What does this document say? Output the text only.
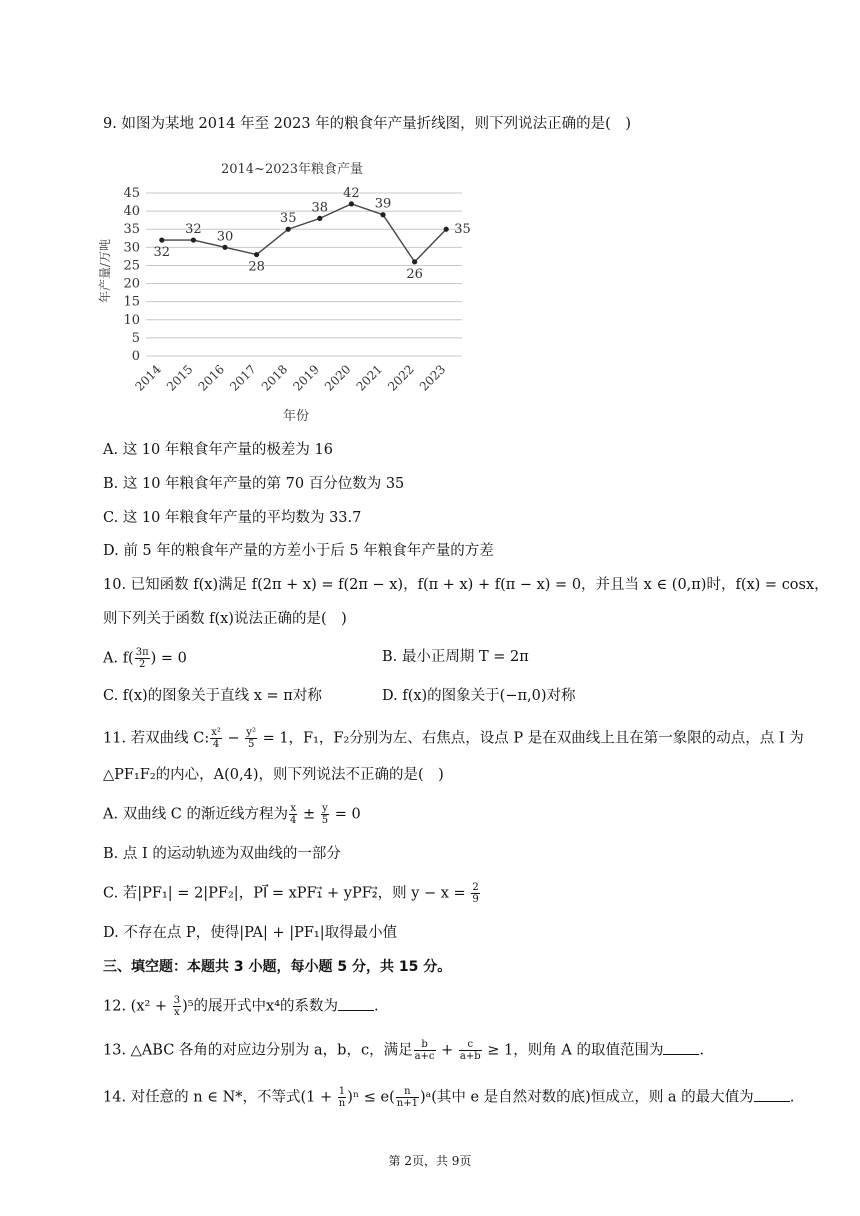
9. 如图为某地 2014 年至 2023 年的粮食年产量折线图，则下列说法正确的是(　)
2014~2023年粮食产量
0
5
10
15
20
25
30
35
40
45
2014 2015 2016 2017 2018 2019 2020 2021 2022 2023
32
32 30
28
35
38
42
39
26
35
年产量/万吨
年份
A. 这 10 年粮食年产量的极差为 16
B. 这 10 年粮食年产量的第 70 百分位数为 35
C. 这 10 年粮食年产量的平均数为 33.7
D. 前 5 年的粮食年产量的方差小于后 5 年粮食年产量的方差
10. 已知函数 f(x)满足 f(2π + x) = f(2π − x)，f(π + x) + f(π − x) = 0，并且当 x ∈ (0,π)时，f(x) = cosx，
则下列关于函数 f(x)说法正确的是(　)
A. $f( \frac{3\pi}{2}$ ) = 0	B. 最小正周期 T = 2π
C. f(x)的图象关于直线 x = π对称	D. f(x)的图象关于(−π,0)对称
11. 若双曲线 C: $\frac{\text{x²}}{4} - \frac{\text{y²}}{5} = 1$，F₁，F₂分别为左、右焦点，设点 P 是在双曲线上且在第一象限的动点，点 I 为
△PF₁F₂的内心，A(0,4)，则下列说法不正确的是(　)
A. 双曲线 C 的渐近线方程为 $\frac{x}{4} \pm \frac{y}{5} = 0$
B. 点 I 的运动轨迹为双曲线的一部分
C. 若|PF₁| = 2|PF₂|，PI⃗ = xPF₁⃗ + yPF₂⃗，则 $y - x = \frac{2}{9}$
D. 不存在点 P，使得|PA| + |PF₁|取得最小值
三、填空题：本题共 3 小题，每小题 5 分，共 15 分。
12. $(x^2 + \frac{3}{x} )^5$的展开式中x⁴的系数为 .
13. △ABC 各角的对应边分别为 a，b，c，满足 $\frac{b}{a+c} + \frac{c}{a+b} \ge 1$，则角 A 的取值范围为 .
14. 对任意的 n ∈ N*，不等式$(1 + \frac{1}{n} )^n \le e( \frac{n}{n+1}$ )ᵃ(其中 e 是自然对数的底)恒成立，则 a 的最大值为 .
第 2页，共 9页
